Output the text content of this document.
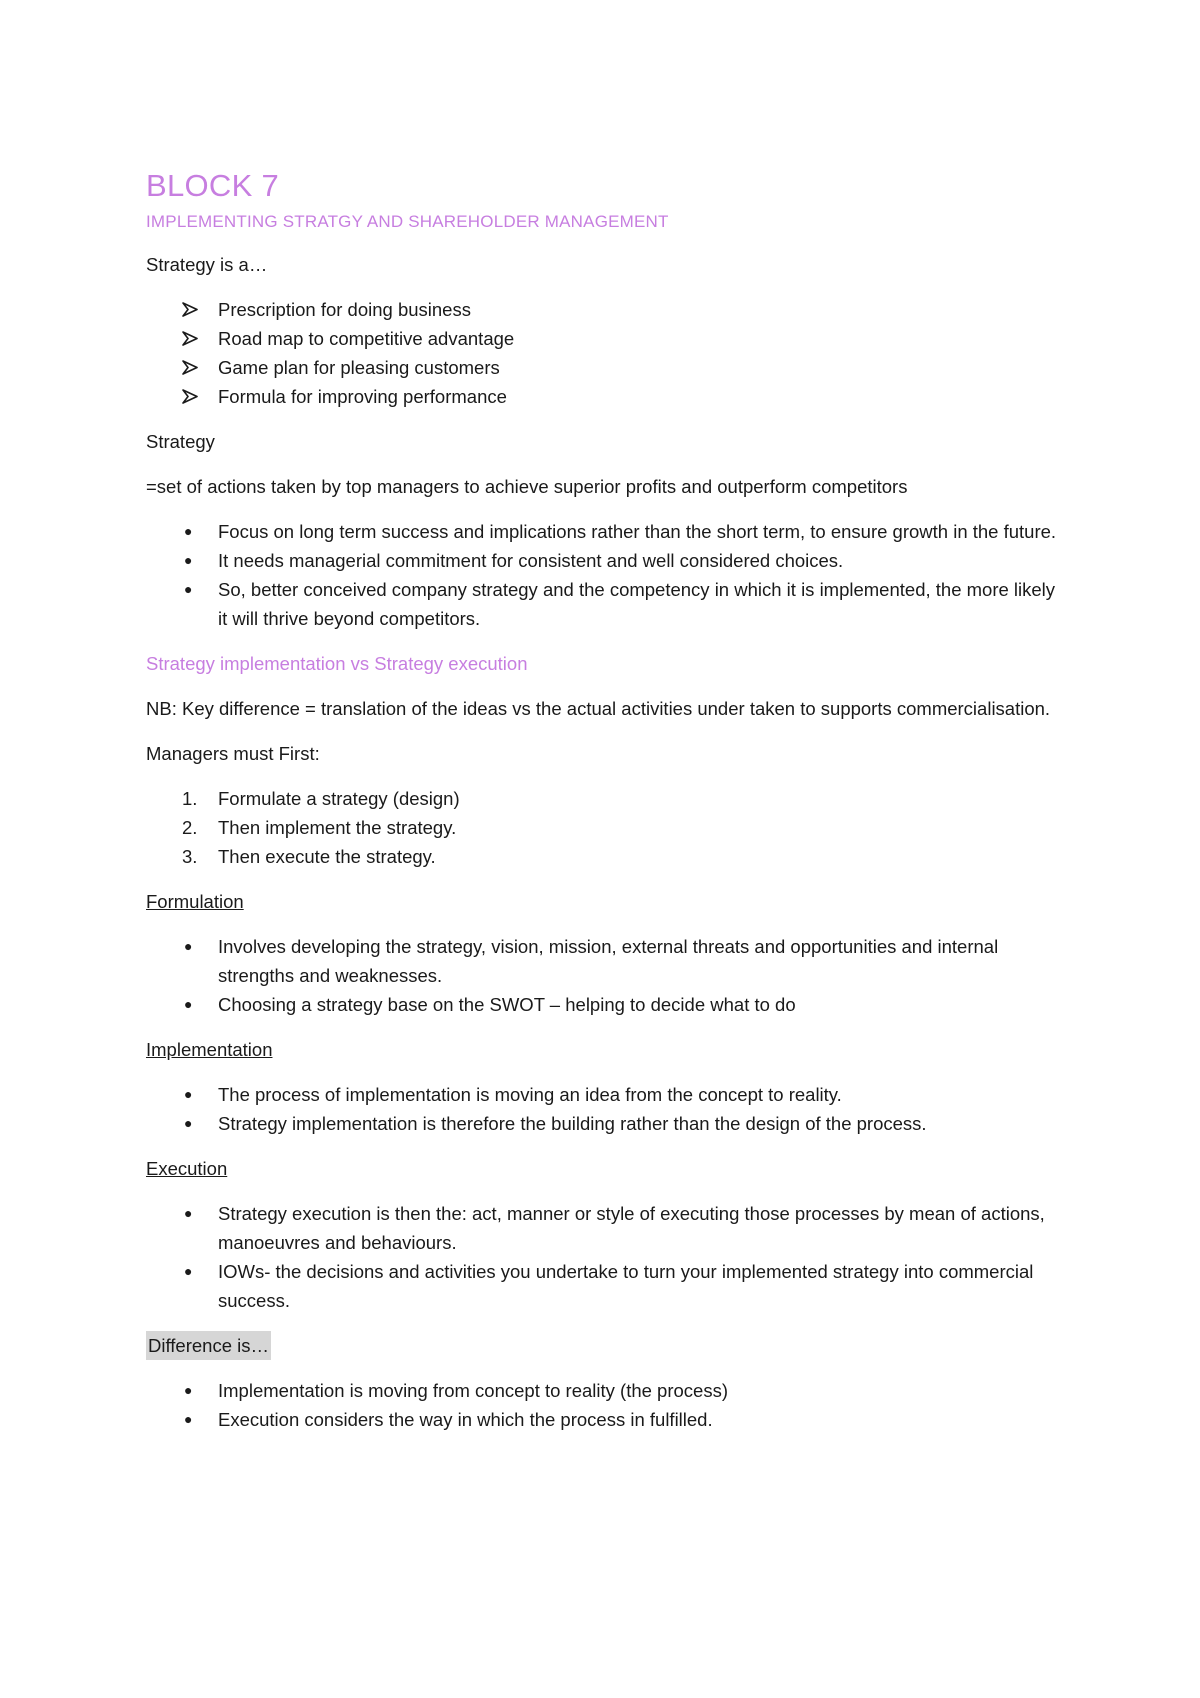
BLOCK 7
IMPLEMENTING STRATGY AND SHAREHOLDER MANAGEMENT

Strategy is a…

Prescription for doing business
Road map to competitive advantage
Game plan for pleasing customers
Formula for improving performance

Strategy

=set of actions taken by top managers to achieve superior profits and outperform competitors

●	Focus on long term success and implications rather than the short term, to ensure growth in the future.
●	It needs managerial commitment for consistent and well considered choices.
●	So, better conceived company strategy and the competency in which it is implemented, the more likely it will thrive beyond competitors.

Strategy implementation vs Strategy execution

NB: Key difference = translation of the ideas vs the actual activities under taken to supports commercialisation.

Managers must First:

1.	Formulate a strategy (design)
2.	Then implement the strategy.
3.	Then execute the strategy.

Formulation

●	Involves developing the strategy, vision, mission, external threats and opportunities and internal strengths and weaknesses.
●	Choosing a strategy base on the SWOT – helping to decide what to do

Implementation

●	The process of implementation is moving an idea from the concept to reality.
●	Strategy implementation is therefore the building rather than the design of the process.

Execution

●	Strategy execution is then the: act, manner or style of executing those processes by mean of actions, manoeuvres and behaviours.
●	IOWs- the decisions and activities you undertake to turn your implemented strategy into commercial success.

Difference is…

●	Implementation is moving from concept to reality (the process)
●	Execution considers the way in which the process in fulfilled.
